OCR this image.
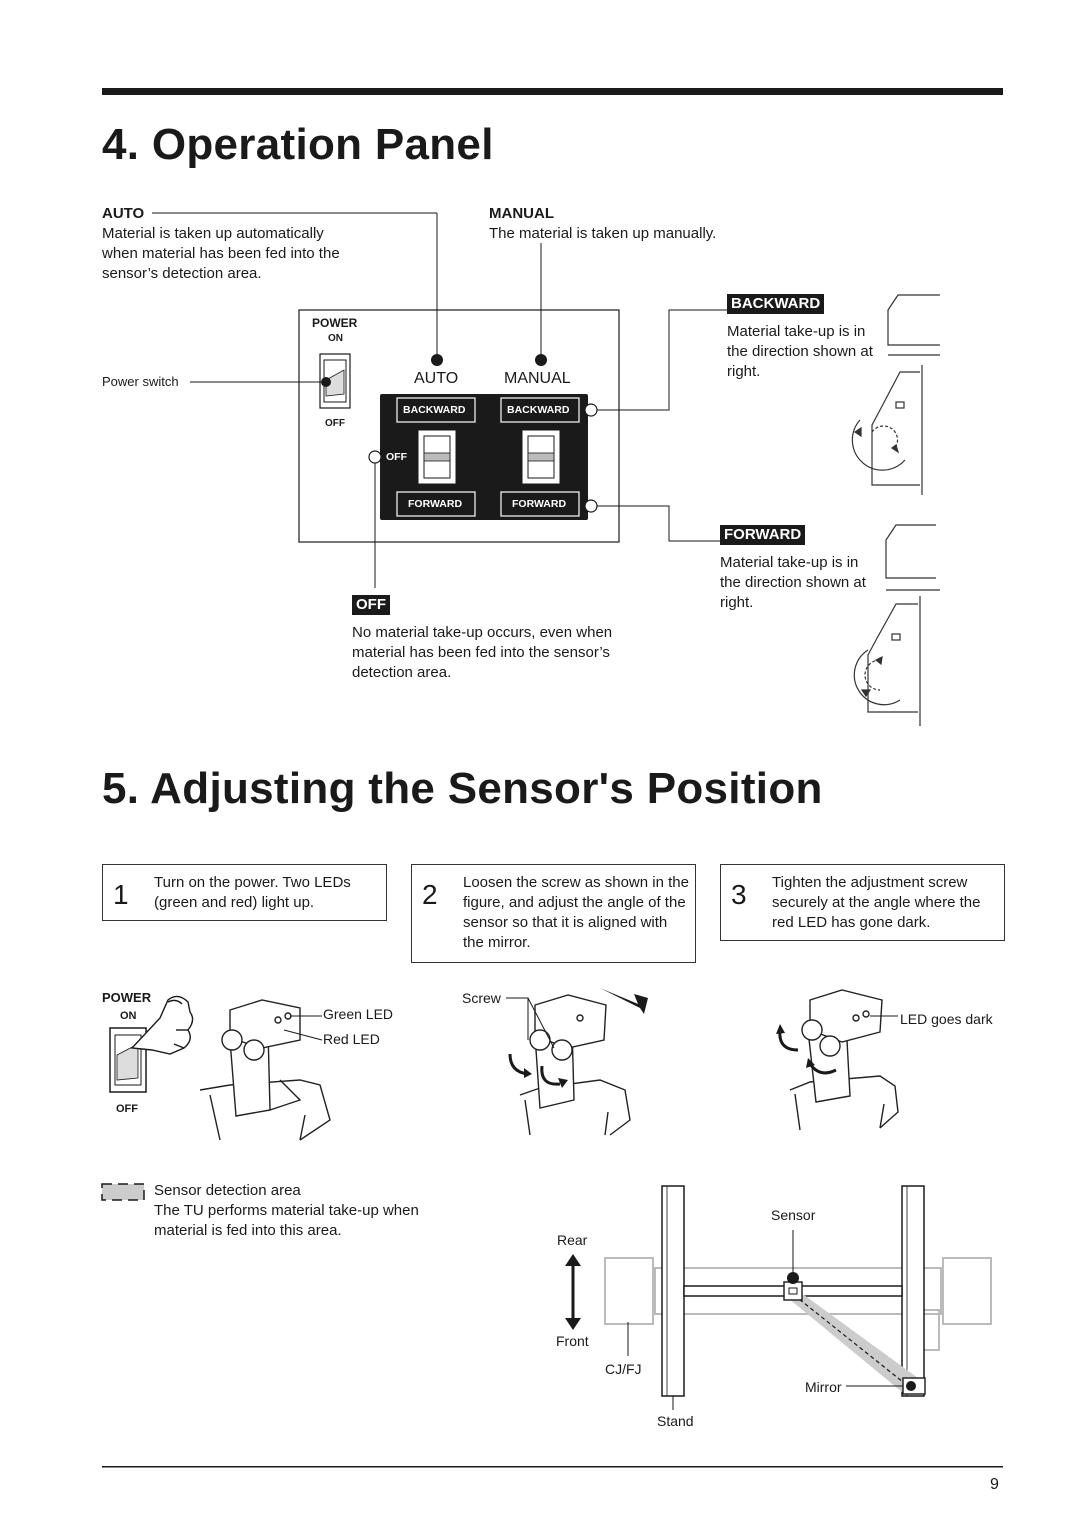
4. Operation Panel
AUTO
Material is taken up automatically
when material has been fed into the
sensor’s detection area.
MANUAL
The material is taken up manually.
Power switch
POWER
ON
OFF
AUTO	MANUAL
BACKWARD	BACKWARD
FORWARD	FORWARD
OFF
BACKWARD
Material take-up is in
the direction shown at
right.
FORWARD
Material take-up is in
the direction shown at
right.
OFF
No material take-up occurs, even when
material has been fed into the sensor’s
detection area.
5. Adjusting the Sensor's Position
1 Turn on the power. Two LEDs
(green and red) light up.	2 Loosen the screw as shown in the
figure, and adjust the angle of the
sensor so that it is aligned with
the mirror.
3 Tighten the adjustment screw
securely at the angle where the
red LED has gone dark.
POWER
ON
OFF
Green LED
Red LED
Screw
LED goes dark
Sensor detection area
The TU performs material take-up when
material is fed into this area.
Rear
Front
CJ/FJ
Stand
Sensor
Mirror
9
